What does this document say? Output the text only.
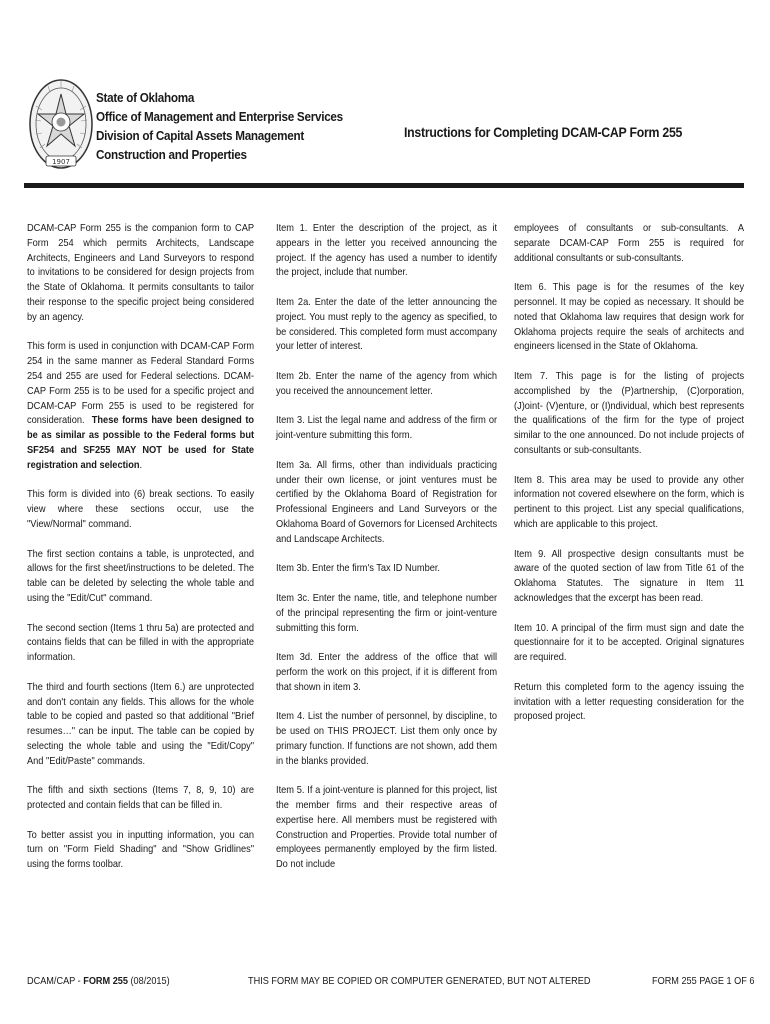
1907
State of Oklahoma
Office of Management and Enterprise Services
Division of Capital Assets Management
Construction and Properties
Instructions for Completing DCAM-CAP Form 255

DCAM-CAP Form 255 is the companion form to CAP Form 254 which permits Architects, Landscape Architects, Engineers and Land Surveyors to respond to invitations to be considered for design projects from the State of Oklahoma. It permits consultants to tailor their response to the specific project being considered by an agency.

This form is used in conjunction with DCAM-CAP Form 254 in the same manner as Federal Standard Forms 254 and 255 are used for Federal selections. DCAM-CAP Form 255 is to be used for a specific project and DCAM-CAP Form 255 is used to be registered for consideration. These forms have been designed to be as similar as possible to the Federal forms but SF254 and SF255 MAY NOT be used for State registration and selection.

This form is divided into (6) break sections. To easily view where these sections occur, use the "View/Normal" command.

The first section contains a table, is unprotected, and allows for the first sheet/instructions to be deleted. The table can be deleted by selecting the whole table and using the "Edit/Cut" command.

The second section (Items 1 thru 5a) are protected and contains fields that can be filled in with the appropriate information.

The third and fourth sections (Item 6.) are unprotected and don't contain any fields. This allows for the whole table to be copied and pasted so that additional "Brief resumes…" can be input. The table can be copied by selecting the whole table and using the "Edit/Copy" And "Edit/Paste" commands.

The fifth and sixth sections (Items 7, 8, 9, 10) are protected and contain fields that can be filled in.

To better assist you in inputting information, you can turn on "Form Field Shading" and "Show Gridlines" using the forms toolbar.

Item 1. Enter the description of the project, as it appears in the letter you received announcing the project. If the agency has used a number to identify the project, include that number.

Item 2a. Enter the date of the letter announcing the project. You must reply to the agency as specified, to be considered. This completed form must accompany your letter of interest.

Item 2b. Enter the name of the agency from which you received the announcement letter.

Item 3. List the legal name and address of the firm or joint-venture submitting this form.

Item 3a. All firms, other than individuals practicing under their own license, or joint ventures must be certified by the Oklahoma Board of Registration for Professional Engineers and Land Surveyors or the Oklahoma Board of Governors for Licensed Architects and Landscape Architects.

Item 3b. Enter the firm's Tax ID Number.

Item 3c. Enter the name, title, and telephone number of the principal representing the firm or joint-venture submitting this form.

Item 3d. Enter the address of the office that will perform the work on this project, if it is different from that shown in item 3.

Item 4. List the number of personnel, by discipline, to be used on THIS PROJECT. List them only once by primary function. If functions are not shown, add them in the blanks provided.

Item 5. If a joint-venture is planned for this project, list the member firms and their respective areas of expertise here. All members must be registered with Construction and Properties. Provide total number of employees permanently employed by the firm listed. Do not include

employees of consultants or sub-consultants. A separate DCAM-CAP Form 255 is required for additional consultants or sub-consultants.

Item 6. This page is for the resumes of the key personnel. It may be copied as necessary. It should be noted that Oklahoma law requires that design work for Oklahoma projects require the seals of architects and engineers licensed in the State of Oklahoma.

Item 7. This page is for the listing of projects accomplished by the (P)artnership, (C)orporation, (J)oint- (V)enture, or (I)ndividual, which best represents the qualifications of the firm for the type of project similar to the one announced. Do not include projects of consultants or sub-consultants.

Item 8. This area may be used to provide any other information not covered elsewhere on the form, which is pertinent to this project. List any special qualifications, which are applicable to this project.

Item 9. All prospective design consultants must be aware of the quoted section of law from Title 61 of the Oklahoma Statutes. The signature in Item 11 acknowledges that the excerpt has been read.

Item 10. A principal of the firm must sign and date the questionnaire for it to be accepted. Original signatures are required.

Return this completed form to the agency issuing the invitation with a letter requesting consideration for the proposed project.

DCAM/CAP - FORM 255 (08/2015)	THIS FORM MAY BE COPIED OR COMPUTER GENERATED, BUT NOT ALTERED	FORM 255 PAGE 1 OF 6
